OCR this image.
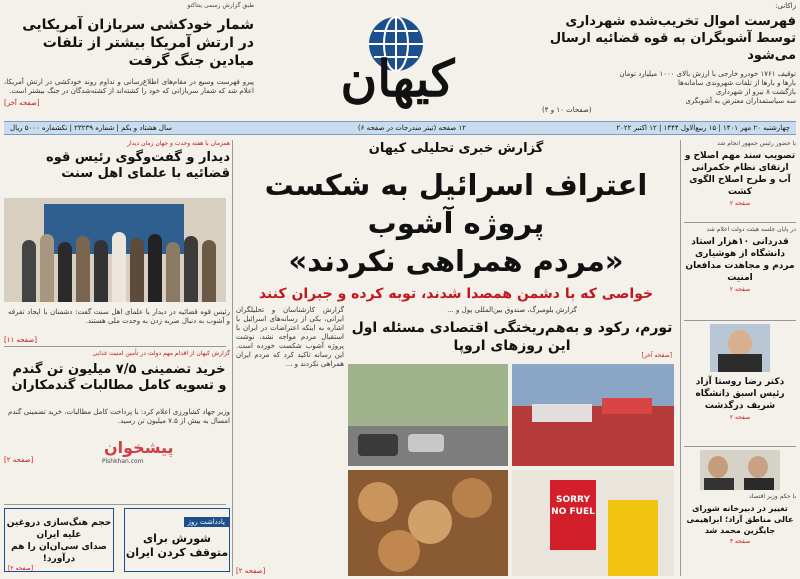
طبق گزارش رسمی ینتاکتو
شمار خودکشی سربازان آمریکایی در ارتش آمریکا بیشتر از تلفات میادین جنگ گرفت
پیرو فهرست وسیع در مقام‌های اطلاع‌رسانی و تداوم روند خودکشی در ارتش آمریکا، اعلام شد که شمار سربازانی که خود را کشته‌اند از کشته‌شدگان در جنگ بیشتر است.
[صفحه آخر]	کیهان
زاکانی:
فهرست اموال تخریب‌شده شهرداری توسط آشوبگران به قوه قضائیه ارسال می‌شود
توقیف ۱۷۶۱ خودرو خارجی با ارزش بالای ۱۰۰۰ میلیارد تومان
بارها و بارها از تلفات شهروندی سامانه‌ها
بازگشت ۸ نیرو از شهرداری
سه سیاستمداران معترض به آشوبگری
(صفحات ۱۰ و ۴)
چهارشنبه ۲۰ مهر ۱۴۰۱ | ۱۵ ربیع‌الاول ۱۴۴۴ | ۱۲ اکتبر ۲۰۲۲
۱۲ صفحه (تیتر مندرجات در صفحه ۶)
سال هشتاد و یکم | شماره ۲۳۲۳۹ | تکشماره ۵۰۰۰ ریال
همزمان با هفته وحدت و جهان زمان دیدار
دیدار و گفت‌وگوی رئیس قوه قضائیه با علمای اهل سنت
رئیس قوه قضائیه در دیدار با علمای اهل سنت گفت: دشمنان با ایجاد تفرقه و آشوب به دنبال ضربه زدن به وحدت ملی هستند.
[صفحه ۱۱]
گزارش کیهان از اقدام مهم دولت در تأمین امنیت غذایی
خرید تضمینی ۷/۵ میلیون تن گندم و تسویه کامل مطالبات گندمکاران
وزیر جهاد کشاورزی اعلام کرد: با پرداخت کامل مطالبات، خرید تضمینی گندم امسال به بیش از ۷.۵ میلیون تن رسید.
پیشخوان
Pishkhan.com
[صفحه ۲]
پادداشت روز
شورش برای متوقف کردن ایران
حجم هنگ‌سازی دروغین علیه ایران
صدای سی‌ان‌ان را هم درآورد!
[صفحه ۲]
گزارش خبری تحلیلی کیهان
اعتراف اسرائیل به شکست پروژه آشوب
«مردم همراهی نکردند»
خواصی که با دشمن همصدا شدند، توبه کرده و جبران کنند
گزارش کارشناسان و تحلیلگران ایرانی، یکی از رسانه‌های اسرائیل با اشاره به اینکه اعتراضات در ایران با استقبال مردم مواجه نشد، نوشت پروژه آشوب شکست خورده است. این رسانه تاکید کرد که مردم ایران همراهی نکردند و ...
[صفحه ۲]
گزارش بلومبرگ، صندوق بین‌المللی پول و ...
تورم، رکود و به‌هم‌ریختگی اقتصادی مسئله اول این روزهای اروپا
[صفحه آخر]
SORRY NO FUEL
با حضور رئیس جمهور انجام شد
تصویب سند مهم اصلاح و ارتقای نظام حکمرانی آب و طرح اصلاح الگوی کشت
صفحه ۲
در پایان جلسه هیئت دولت اعلام شد
قدردانی ۱۰هزار استاد دانشگاه از هوشیاری مردم و مجاهدت مدافعان امنیت
صفحه ۲
دکتر رضا روستا آزاد رئیس اسبق دانشگاه شریف درگذشت
صفحه ۲
با حکم وزیر اقتصاد
تغییر در دبیرخانه شورای عالی مناطق آزاد؛ ابراهیمی جایگزین محمد شد
صفحه ۴
